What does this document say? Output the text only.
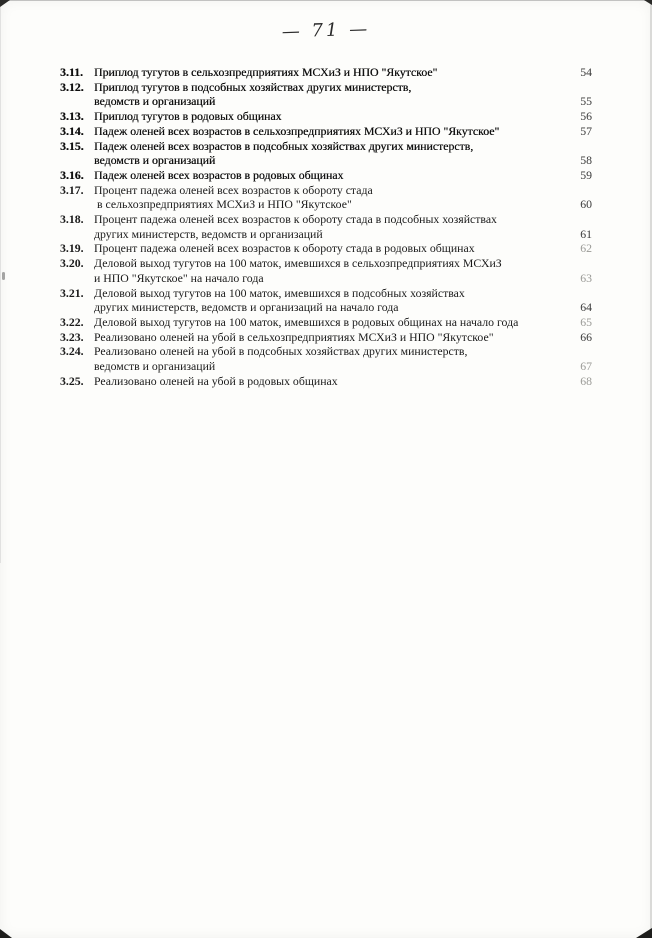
— 71 —
3.11. Приплод тугутов в сельхозпредприятиях МСХиЗ и НПО "Якутское"	54
3.12. Приплод тугутов в подсобных хозяйствах других министерств,
ведомств и организаций	55
3.13. Приплод тугутов в родовых общинах	56
3.14. Падеж оленей всех возрастов в сельхозпредприятиях МСХиЗ и НПО "Якутское"	57
3.15. Падеж оленей всех возрастов в подсобных хозяйствах других министерств,
ведомств и организаций	58
3.16. Падеж оленей всех возрастов в родовых общинах	59
3.17. Процент падежа оленей всех возрастов к обороту стада
в сельхозпредприятиях МСХиЗ и НПО "Якутское"	60
3.18. Процент падежа оленей всех возрастов к обороту стада в подсобных хозяйствах
других министерств, ведомств и организаций	61
3.19. Процент падежа оленей всех возрастов к обороту стада в родовых общинах	62
3.20. Деловой выход тугутов на 100 маток, имевшихся в сельхозпредприятиях МСХиЗ
и НПО "Якутское" на начало года	63
3.21. Деловой выход тугутов на 100 маток, имевшихся в подсобных хозяйствах
других министерств, ведомств и организаций на начало года	64
3.22. Деловой выход тугутов на 100 маток, имевшихся в родовых общинах на начало года	65
3.23. Реализовано оленей на убой в сельхозпредприятиях МСХиЗ и НПО "Якутское"	66
3.24. Реализовано оленей на убой в подсобных хозяйствах других министерств,
ведомств и организаций	67
3.25. Реализовано оленей на убой в родовых общинах	68
